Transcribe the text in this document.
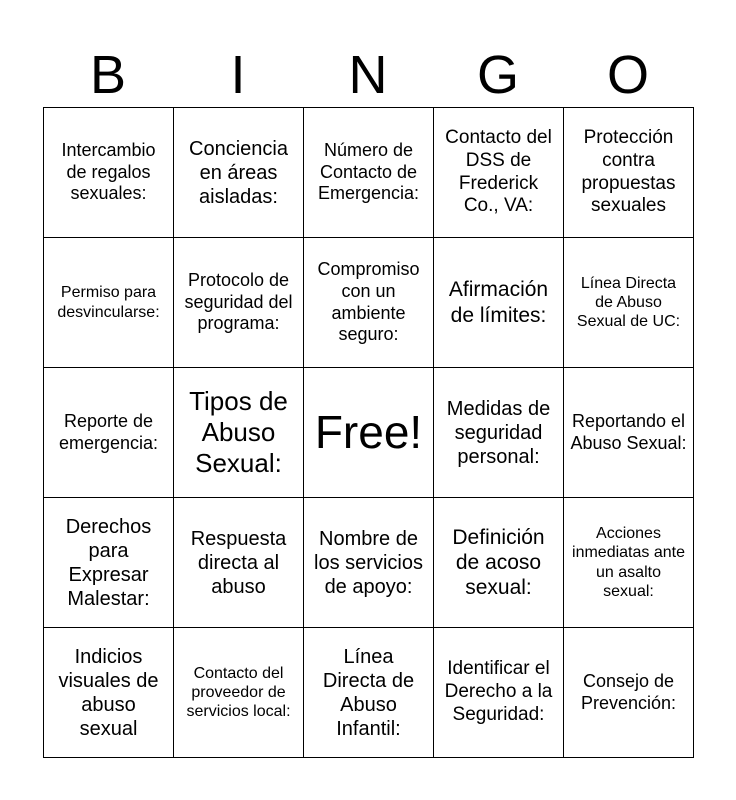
B	I	N	G	O
Intercambio de regalos sexuales:	Conciencia en áreas aisladas:	Número de Contacto de Emergencia:	Contacto del DSS de Frederick Co., VA:	Protección contra propuestas sexuales
Permiso para desvincularse:	Protocolo de seguridad del programa:	Compromiso con un ambiente seguro:	Afirmación de límites:	Línea Directa de Abuso Sexual de UC:
Reporte de emergencia:	Tipos de Abuso Sexual:	Free!	Medidas de seguridad personal:	Reportando el Abuso Sexual:
Derechos para Expresar Malestar:	Respuesta directa al abuso	Nombre de los servicios de apoyo:	Definición de acoso sexual:	Acciones inmediatas ante un asalto sexual:
Indicios visuales de abuso sexual	Contacto del proveedor de servicios local:	Línea Directa de Abuso Infantil:	Identificar el Derecho a la Seguridad:	Consejo de Prevención:
